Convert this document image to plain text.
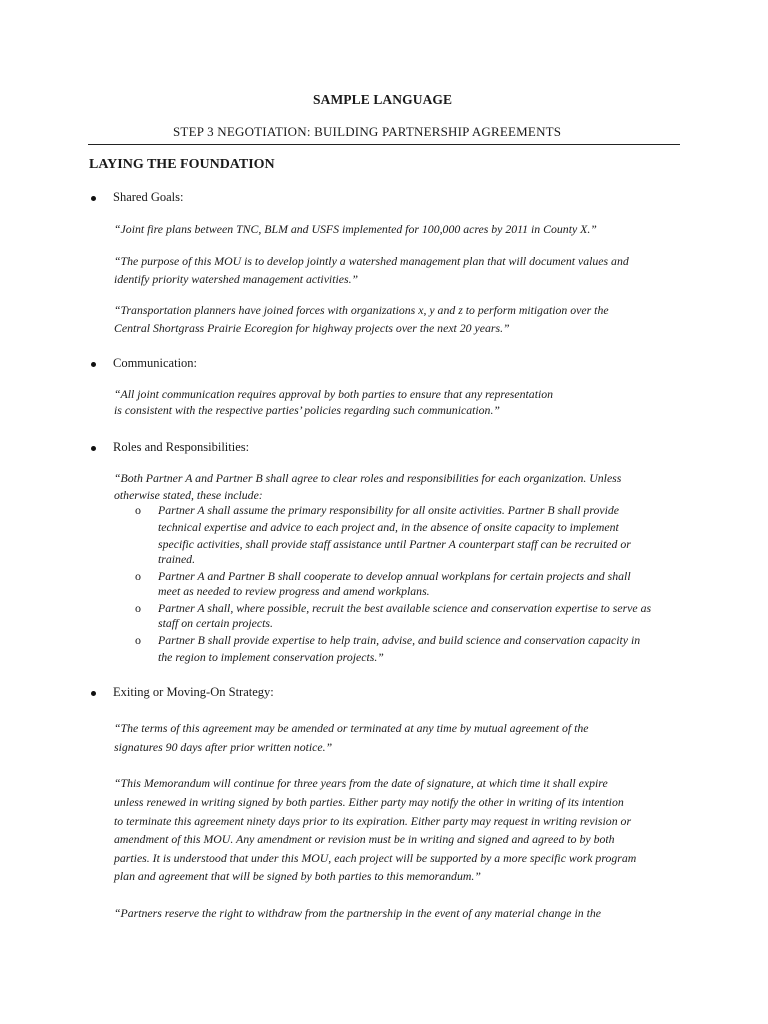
SAMPLE LANGUAGE
STEP 3 NEGOTIATION: BUILDING PARTNERSHIP AGREEMENTS
LAYING THE FOUNDATION
Shared Goals:
“Joint fire plans between TNC, BLM and USFS implemented for 100,000 acres by 2011 in County X.”
“The purpose of this MOU is to develop jointly a watershed management plan that will document values and
identify priority watershed management activities.”
“Transportation planners have joined forces with organizations x, y and z to perform mitigation over the
Central Shortgrass Prairie Ecoregion for highway projects over the next 20 years.”
Communication:
“All joint communication requires approval by both parties to ensure that any representation
is consistent with the respective parties’ policies regarding such communication.”
Roles and Responsibilities:
“Both Partner A and Partner B shall agree to clear roles and responsibilities for each organization. Unless
otherwise stated, these include:
o Partner A shall assume the primary responsibility for all onsite activities. Partner B shall provide
technical expertise and advice to each project and, in the absence of onsite capacity to implement
specific activities, shall provide staff assistance until Partner A counterpart staff can be recruited or
trained.
o Partner A and Partner B shall cooperate to develop annual workplans for certain projects and shall
meet as needed to review progress and amend workplans.
o Partner A shall, where possible, recruit the best available science and conservation expertise to serve as
staff on certain projects.
o Partner B shall provide expertise to help train, advise, and build science and conservation capacity in
the region to implement conservation projects.”
Exiting or Moving-On Strategy:
“The terms of this agreement may be amended or terminated at any time by mutual agreement of the
signatures 90 days after prior written notice.”
“This Memorandum will continue for three years from the date of signature, at which time it shall expire
unless renewed in writing signed by both parties. Either party may notify the other in writing of its intention
to terminate this agreement ninety days prior to its expiration. Either party may request in writing revision or
amendment of this MOU. Any amendment or revision must be in writing and signed and agreed to by both
parties. It is understood that under this MOU, each project will be supported by a more specific work program
plan and agreement that will be signed by both parties to this memorandum.”
“Partners reserve the right to withdraw from the partnership in the event of any material change in the
